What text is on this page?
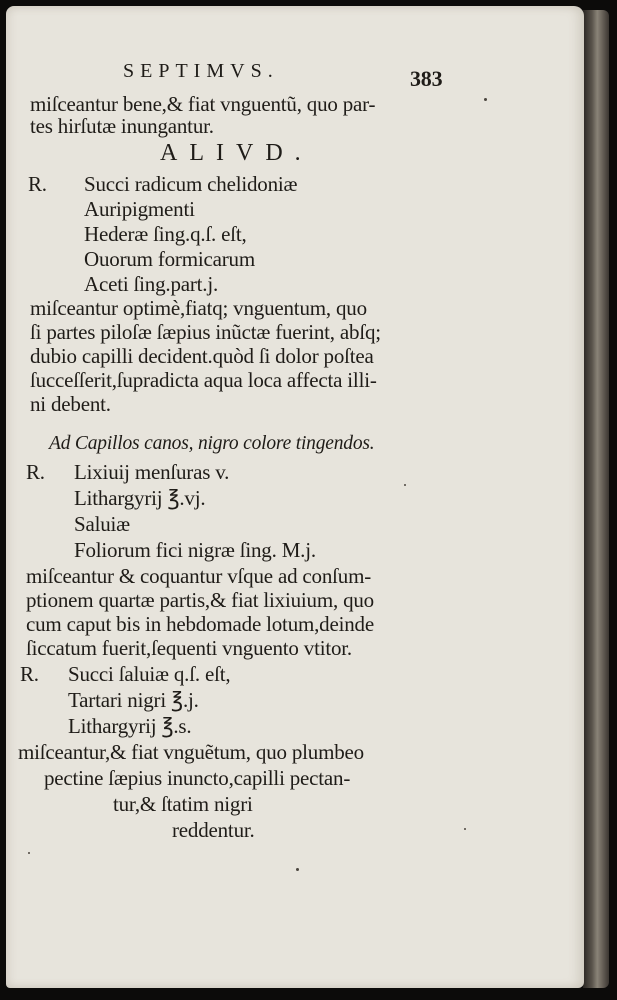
SEPTIMVS.	383
miſceantur bene,& fiat vnguentũ, quo par-
tes hirſutæ inungantur.
ALIVD.
R. Succi radicum chelidoniæ
Auripigmenti
Hederæ ſing.q.ſ. eſt,
Ouorum formicarum
Aceti ſing.part.j.
miſceantur optimè,fiatq; vnguentum, quo
ſi partes piloſæ ſæpius inũctæ fuerint, abſq;
dubio capilli decident.quòd ſi dolor poſtea
ſucceſſerit,ſupradicta aqua loca affecta illi-
ni debent.
Ad Capillos canos, nigro colore tingendos.
R. Lixiuij menſuras v.
Lithargyrij ℥.vj.
Saluiæ
Foliorum fici nigræ ſing. M.j.
miſceantur & coquantur vſque ad conſum-
ptionem quartæ partis,& fiat lixiuium, quo
cum caput bis in hebdomade lotum,deinde
ſiccatum fuerit,ſequenti vnguento vtitor.
R. Succi ſaluiæ q.ſ. eſt,
Tartari nigri ℥.j.
Lithargyrij ℥.s.
miſceantur,& fiat vnguẽtum, quo plumbeo
pectine ſæpius inuncto,capilli pectan-
tur,& ſtatim nigri
reddentur.
